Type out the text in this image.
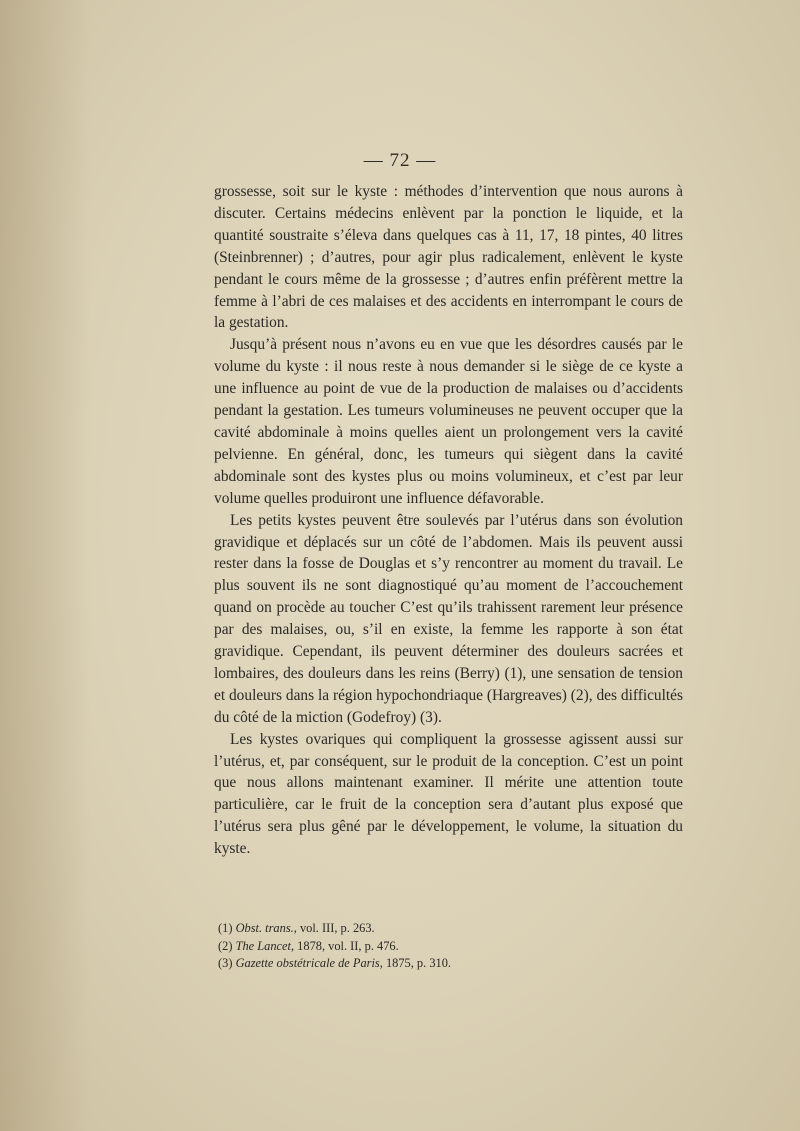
— 72 —

grossesse, soit sur le kyste : méthodes d’intervention que nous aurons à discuter. Certains médecins enlèvent par la ponction le liquide, et la quantité soustraite s’éleva dans quelques cas à 11, 17, 18 pintes, 40 litres (Steinbrenner) ; d’autres, pour agir plus radicalement, enlèvent le kyste pendant le cours même de la grossesse ; d’autres enfin préfèrent mettre la femme à l’abri de ces malaises et des accidents en interrompant le cours de la gestation.

Jusqu’à présent nous n’avons eu en vue que les désordres causés par le volume du kyste : il nous reste à nous demander si le siège de ce kyste a une influence au point de vue de la production de malaises ou d’accidents pendant la gestation. Les tumeurs volumineuses ne peuvent occuper que la cavité abdominale à moins quelles aient un prolongement vers la cavité pelvienne. En général, donc, les tumeurs qui siègent dans la cavité abdominale sont des kystes plus ou moins volumineux, et c’est par leur volume quelles produiront une influence défavorable.

Les petits kystes peuvent être soulevés par l’utérus dans son évolution gravidique et déplacés sur un côté de l’abdomen. Mais ils peuvent aussi rester dans la fosse de Douglas et s’y rencontrer au moment du travail. Le plus souvent ils ne sont diagnostiqué qu’au moment de l’accouchement quand on procède au toucher C’est qu’ils trahissent rarement leur présence par des malaises, ou, s’il en existe, la femme les rapporte à son état gravidique. Cependant, ils peuvent déterminer des douleurs sacrées et lombaires, des douleurs dans les reins (Berry) (1), une sensation de tension et douleurs dans la région hypochondriaque (Hargreaves) (2), des difficultés du côté de la miction (Godefroy) (3).

Les kystes ovariques qui compliquent la grossesse agissent aussi sur l’utérus, et, par conséquent, sur le produit de la conception. C’est un point que nous allons maintenant examiner. Il mérite une attention toute particulière, car le fruit de la conception sera d’autant plus exposé que l’utérus sera plus gêné par le développement, le volume, la situation du kyste.

(1) Obst. trans., vol. III, p. 263.
(2) The Lancet, 1878, vol. II, p. 476.
(3) Gazette obstétricale de Paris, 1875, p. 310.
